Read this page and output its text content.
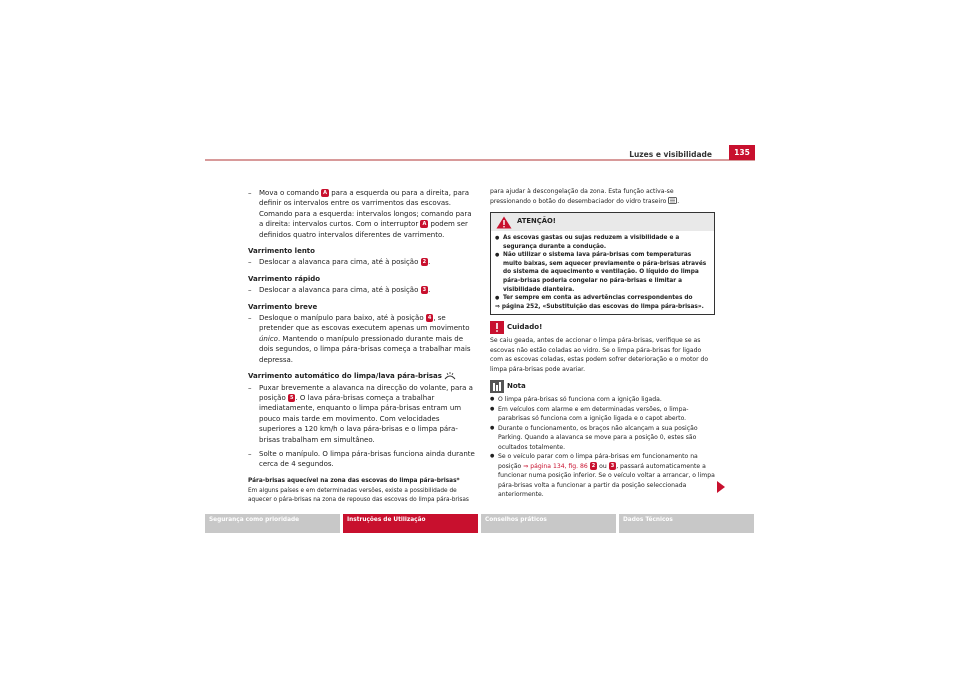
Luzes e visibilidade	135
– Mova o comando A para a esquerda ou para a direita, para definir os intervalos entre os varrimentos das escovas. Comando para a esquerda: intervalos longos; comando para a direita: intervalos curtos. Com o interruptor A podem ser definidos quatro intervalos diferentes de varrimento.
Varrimento lento
– Deslocar a alavanca para cima, até à posição 2 .
Varrimento rápido
– Deslocar a alavanca para cima, até à posição 3 .
Varrimento breve
– Desloque o manípulo para baixo, até à posição 4 , se pretender que as escovas executem apenas um movimento único. Mantendo o manípulo pressionado durante mais de dois segundos, o limpa pára-brisas começa a trabalhar mais depressa.
Varrimento automático do limpa/lava pára-brisas
– Puxar brevemente a alavanca na direcção do volante, para a posição 5 . O lava pára-brisas começa a trabalhar imediatamente, enquanto o limpa pára-brisas entram um pouco mais tarde em movimento. Com velocidades superiores a 120 km/h o lava pára-brisas e o limpa pára-brisas trabalham em simultâneo.
– Solte o manípulo. O limpa pára-brisas funciona ainda durante cerca de 4 segundos.
Pára-brisas aquecível na zona das escovas do limpa pára-brisas*
Em alguns países e em determinadas versões, existe a possibilidade de aquecer o pára-brisas na zona de repouso das escovas do limpa pára-brisas
para ajudar à descongelação da zona. Esta função activa-se pressionando o botão do desembaciador do vidro traseiro .
ATENÇÃO!
● As escovas gastas ou sujas reduzem a visibilidade e a segurança durante a condução.
● Não utilizar o sistema lava pára-brisas com temperaturas muito baixas, sem aquecer previamente o pára-brisas através do sistema de aquecimento e ventilação. O líquido do limpa pára-brisas poderia congelar no pára-brisas e limitar a visibilidade dianteira.
● Ter sempre em conta as advertências correspondentes do
⇒ página 252, «Substituição das escovas do limpa pára-brisas».
Cuidado!
Se caiu geada, antes de accionar o limpa pára-brisas, verifique se as escovas não estão coladas ao vidro. Se o limpa pára-brisas for ligado com as escovas coladas, estas podem sofrer deterioração e o motor do limpa pára-brisas pode avariar.
Nota
● O limpa pára-brisas só funciona com a ignição ligada.
● Em veículos com alarme e em determinadas versões, o limpa-parabrisas só funciona com a ignição ligada e o capot aberto.
● Durante o funcionamento, os braços não alcançam a sua posição Parking. Quando a alavanca se move para a posição 0, estes são ocultados totalmente.
● Se o veículo parar com o limpa pára-brisas em funcionamento na posição ⇒ página 134, fig. 86 2 ou 3 , passará automaticamente a funcionar numa posição inferior. Se o veículo voltar a arrancar, o limpa pára-brisas volta a funcionar a partir da posição seleccionada anteriormente.
Segurança como prioridade	Instruções de Utilização	Conselhos práticos	Dados Técnicos
